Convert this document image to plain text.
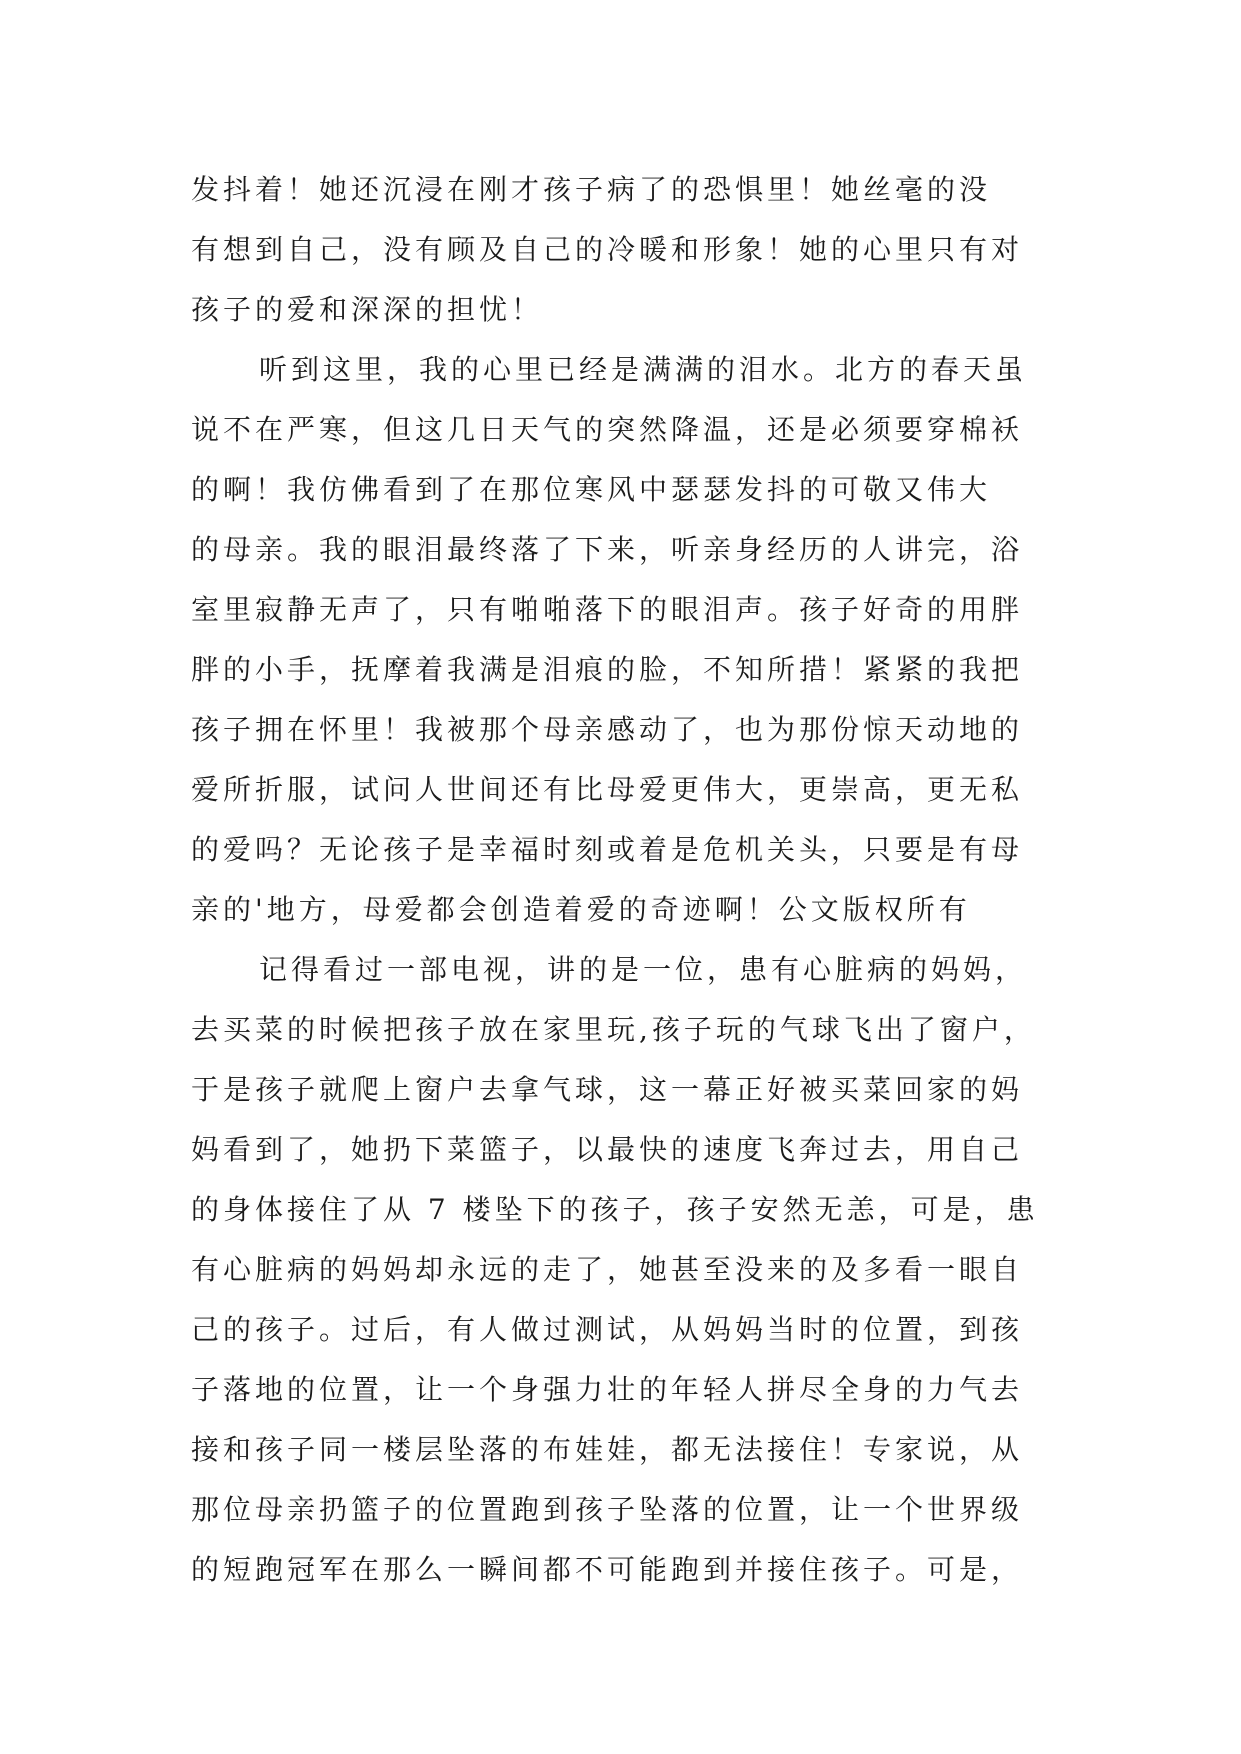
发抖着！她还沉浸在刚才孩子病了的恐惧里！她丝毫的没
有想到自己，没有顾及自己的冷暖和形象！她的心里只有对
孩子的爱和深深的担忧！
听到这里，我的心里已经是满满的泪水。北方的春天虽
说不在严寒，但这几日天气的突然降温，还是必须要穿棉袄
的啊！我仿佛看到了在那位寒风中瑟瑟发抖的可敬又伟大
的母亲。我的眼泪最终落了下来，听亲身经历的人讲完，浴
室里寂静无声了，只有啪啪落下的眼泪声。孩子好奇的用胖
胖的小手，抚摩着我满是泪痕的脸，不知所措！紧紧的我把
孩子拥在怀里！我被那个母亲感动了，也为那份惊天动地的
爱所折服，试问人世间还有比母爱更伟大，更崇高，更无私
的爱吗？无论孩子是幸福时刻或着是危机关头，只要是有母
亲的'地方，母爱都会创造着爱的奇迹啊！公文版权所有
记得看过一部电视，讲的是一位，患有心脏病的妈妈，
去买菜的时候把孩子放在家里玩,孩子玩的气球飞出了窗户，
于是孩子就爬上窗户去拿气球，这一幕正好被买菜回家的妈
妈看到了，她扔下菜篮子，以最快的速度飞奔过去，用自己
的身体接住了从 7 楼坠下的孩子，孩子安然无恙，可是，患
有心脏病的妈妈却永远的走了，她甚至没来的及多看一眼自
己的孩子。过后，有人做过测试，从妈妈当时的位置，到孩
子落地的位置，让一个身强力壮的年轻人拼尽全身的力气去
接和孩子同一楼层坠落的布娃娃，都无法接住！专家说，从
那位母亲扔篮子的位置跑到孩子坠落的位置，让一个世界级
的短跑冠军在那么一瞬间都不可能跑到并接住孩子。可是，
